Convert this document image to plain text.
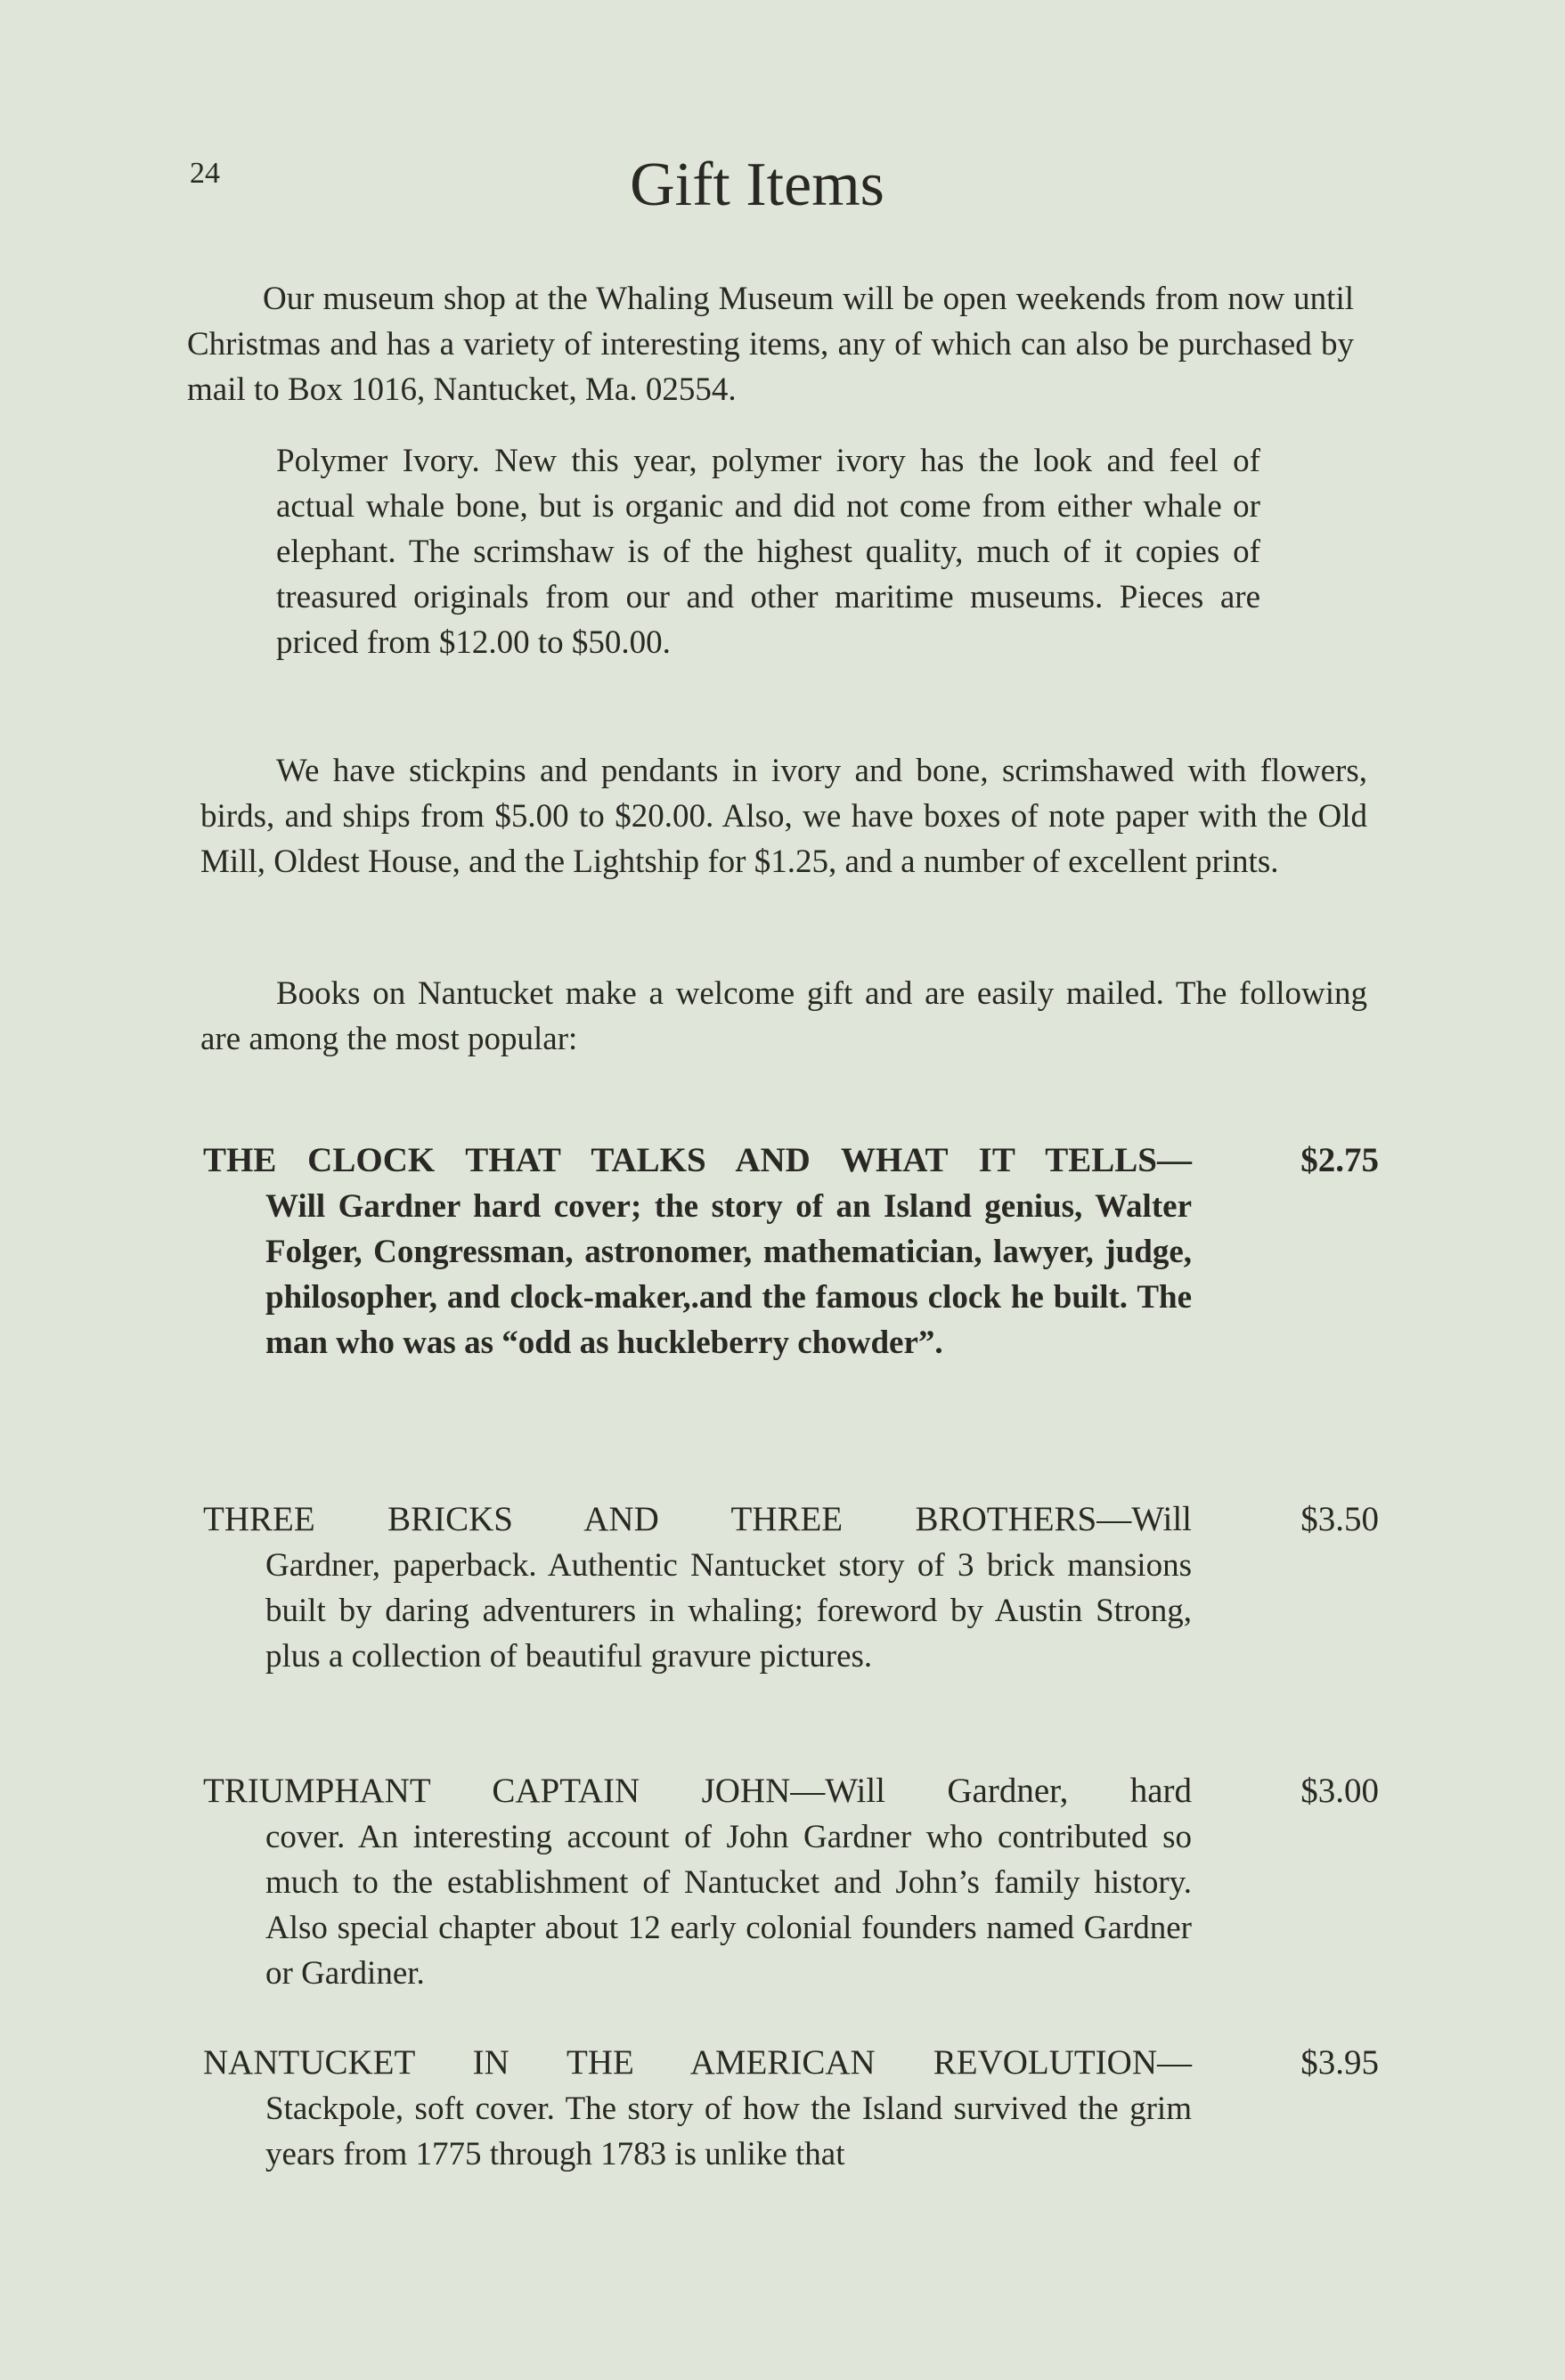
24	Gift Items

Our museum shop at the Whaling Museum will be open weekends from now until Christmas and has a variety of interesting items, any of which can also be purchased by mail to Box 1016, Nantucket, Ma. 02554.

Polymer Ivory. New this year, polymer ivory has the look and feel of actual whale bone, but is organic and did not come from either whale or elephant. The scrimshaw is of the highest quality, much of it copies of treasured originals from our and other maritime museums. Pieces are priced from $12.00 to $50.00.

We have stickpins and pendants in ivory and bone, scrimshawed with flowers, birds, and ships from $5.00 to $20.00. Also, we have boxes of note paper with the Old Mill, Oldest House, and the Lightship for $1.25, and a number of excellent prints.

Books on Nantucket make a welcome gift and are easily mailed. The following are among the most popular:

THE CLOCK THAT TALKS AND WHAT IT TELLS—	$2.75
Will Gardner hard cover; the story of an Island genius, Walter Folger, Congressman, astronomer, mathematician, lawyer, judge, philosopher, and clock-maker,.and the famous clock he built. The man who was as “odd as huckleberry chowder”.
THREE BRICKS AND THREE BROTHERS—Will	$3.50
Gardner, paperback. Authentic Nantucket story of 3 brick mansions built by daring adventurers in whaling; foreword by Austin Strong, plus a collection of beautiful gravure pictures.
TRIUMPHANT CAPTAIN JOHN—Will Gardner, hard	$3.00
cover. An interesting account of John Gardner who contributed so much to the establishment of Nantucket and John’s family history. Also special chapter about 12 early colonial founders named Gardner or Gardiner.
NANTUCKET IN THE AMERICAN REVOLUTION—	$3.95
Stackpole, soft cover. The story of how the Island survived the grim years from 1775 through 1783 is unlike that
